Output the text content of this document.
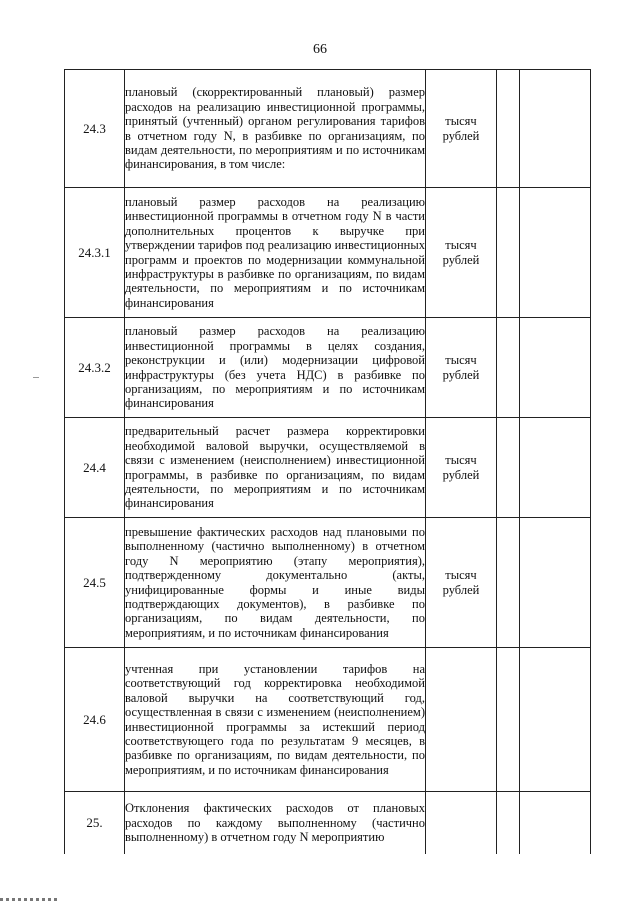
66
24.3	плановый (скорректированный плановый) размер расходов на реализацию инвестиционной программы, принятый (учтенный) органом регулирования тарифов в отчетном году N, в разбивке по организациям, по видам деятельности, по мероприятиям и по источникам финансирования, в том числе:	тысяч
рублей		

24.3.1	плановый размер расходов на реализацию инвестиционной программы в отчетном году N в части дополнительных процентов к выручке при утверждении тарифов под реализацию инвестиционных программ и проектов по модернизации коммунальной инфраструктуры в разбивке по организациям, по видам деятельности, по мероприятиям и по источникам финансирования	тысяч
рублей		

24.3.2	плановый размер расходов на реализацию инвестиционной программы в целях создания, реконструкции и (или) модернизации цифровой инфраструктуры (без учета НДС) в разбивке по организациям, по мероприятиям и по источникам финансирования	тысяч
рублей		

24.4	предварительный расчет размера корректировки необходимой валовой выручки, осуществляемой в связи с изменением (неисполнением) инвестиционной программы, в разбивке по организациям, по видам деятельности, по мероприятиям и по источникам финансирования	тысяч
рублей		

24.5	превышение фактических расходов над плановыми по выполненному (частично выполненному) в отчетном году N мероприятию (этапу мероприятия), подтвержденному документально (акты, унифицированные формы и иные виды подтверждающих документов), в разбивке по организациям, по видам деятельности, по мероприятиям, и по источникам финансирования	тысяч
рублей		

24.6	учтенная при установлении тарифов на соответствующий год корректировка необходимой валовой выручки на соответствующий год, осуществленная в связи с изменением (неисполнением) инвестиционной программы за истекший период соответствующего года по результатам 9 месяцев, в разбивке по организациям, по видам деятельности, по мероприятиям, и по источникам финансирования	

25.	Отклонения фактических расходов от плановых расходов по каждому выполненному (частично выполненному) в отчетном году N мероприятию	
